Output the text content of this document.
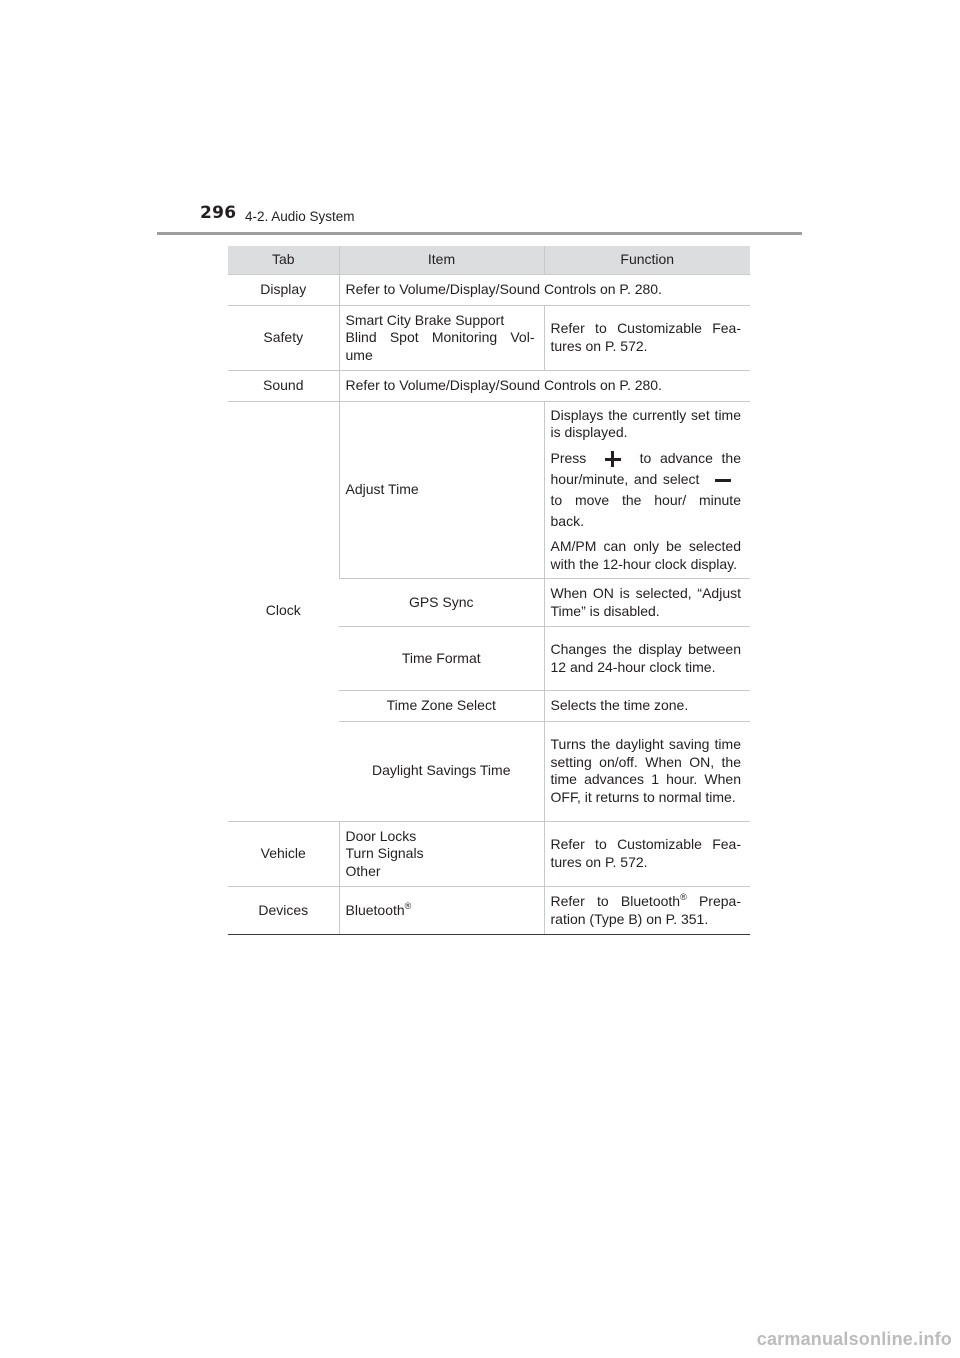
296 4-2. Audio System
Tab	Item	Function
Display	Refer to Volume/Display/Sound Controls on P. 280.	
Safety	Smart City Brake Support
Blind Spot Monitoring Vol-
ume	Refer to Customizable Fea-tures on P. 572.
Sound	Refer to Volume/Display/Sound Controls on P. 280.	
Clock	Adjust Time	Displays the currently set time is displayed.
Press to advance the hour/minute, and select  to move the hour/ minute back.
AM/PM can only be selected with the 12-hour clock display.

	GPS Sync	When ON is selected, “Adjust Time” is disabled.
	Time Format	Changes the display between 12 and 24-hour clock time.
	Time Zone Select	Selects the time zone.
	Daylight Savings Time	Turns the daylight saving time setting on/off. When ON, the time advances 1 hour. When OFF, it returns to normal time.
Vehicle	Door Locks
Turn Signals
Other	Refer to Customizable Fea-tures on P. 572.
Devices	Bluetooth®	Refer to Bluetooth® Prepa-ration (Type B) on P. 351.
carmanualsonline.info
